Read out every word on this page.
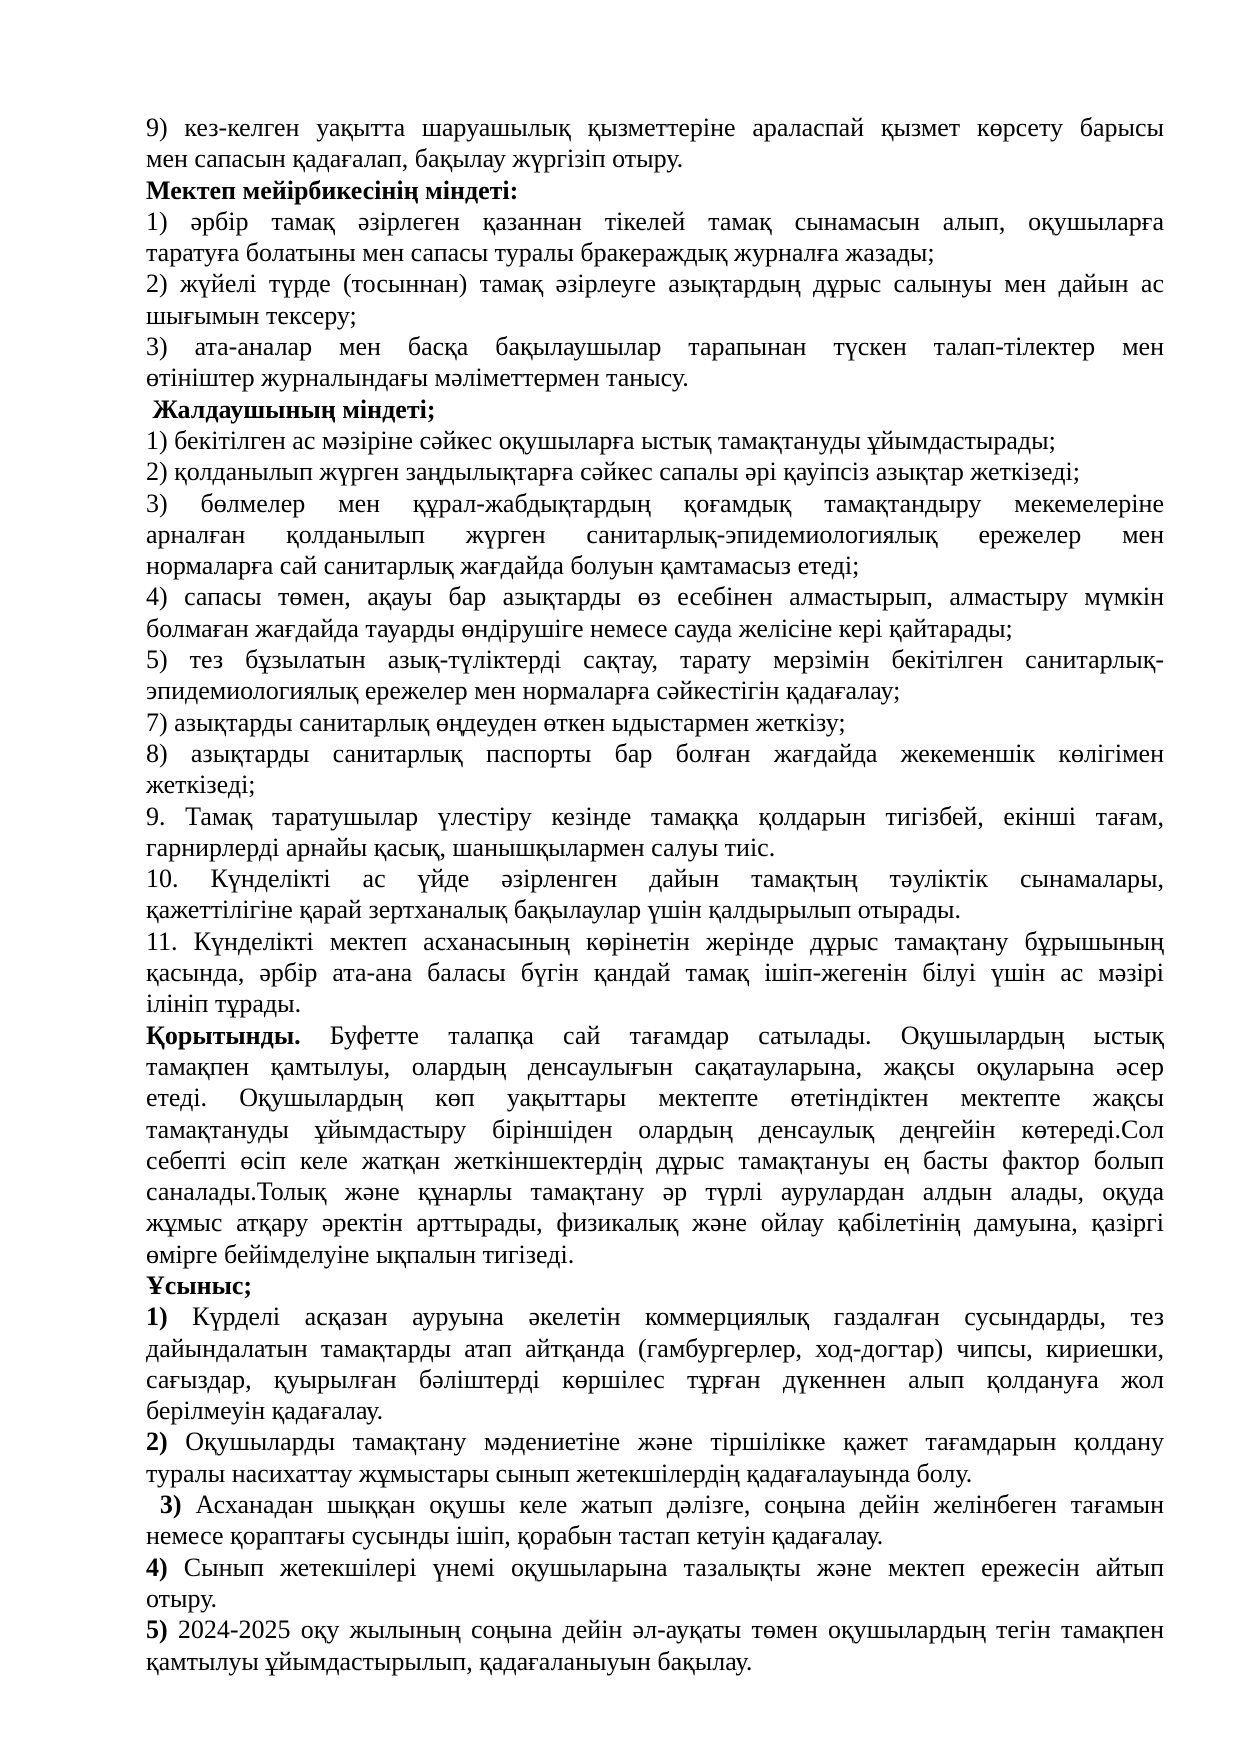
9) кез-келген уақытта шаруашылық қызметтеріне араласпай қызмет көрсету барысы
мен сапасын қадағалап, бақылау жүргізіп отыру.
Мектеп мейірбикесінің міндеті:
1) әрбір тамақ әзірлеген қазаннан тікелей тамақ сынамасын алып, оқушыларға
таратуға болатыны мен сапасы туралы бракераждық журналға жазады;
2) жүйелі түрде (тосыннан) тамақ әзірлеуге азықтардың дұрыс салынуы мен дайын ас
шығымын тексеру;
3) ата-аналар мен басқа бақылаушылар тарапынан түскен талап-тілектер мен
өтініштер журналындағы мәліметтермен танысу.
Жалдаушының міндеті;
1) бекітілген ас мәзіріне сәйкес оқушыларға ыстық тамақтануды ұйымдастырады;
2) қолданылып жүрген заңдылықтарға сәйкес сапалы әрі қауіпсіз азықтар жеткізеді;
3) бөлмелер мен құрал-жабдықтардың қоғамдық тамақтандыру мекемелеріне
арналған қолданылып жүрген санитарлық-эпидемиологиялық ережелер мен
нормаларға сай санитарлық жағдайда болуын қамтамасыз етеді;
4) сапасы төмен, ақауы бар азықтарды өз есебінен алмастырып, алмастыру мүмкін
болмаған жағдайда тауарды өндірушіге немесе сауда желісіне кері қайтарады;
5) тез бұзылатын азық-түліктерді сақтау, тарату мерзімін бекітілген санитарлық-
эпидемиологиялық ережелер мен нормаларға сәйкестігін қадағалау;
7) азықтарды санитарлық өңдеуден өткен ыдыстармен жеткізу;
8) азықтарды санитарлық паспорты бар болған жағдайда жекеменшік көлігімен
жеткізеді;
9. Тамақ таратушылар үлестіру кезінде тамаққа қолдарын тигізбей, екінші тағам,
гарнирлерді арнайы қасық, шанышқылармен салуы тиіс.
10. Күнделікті ас үйде әзірленген дайын тамақтың тәуліктік сынамалары,
қажеттілігіне қарай зертханалық бақылаулар үшін қалдырылып отырады.
11. Күнделікті мектеп асханасының көрінетін жерінде дұрыс тамақтану бұрышының
қасында, әрбір ата-ана баласы бүгін қандай тамақ ішіп-жегенін білуі үшін ас мәзірі
ілініп тұрады.
Қорытынды. Буфетте талапқа сай тағамдар сатылады. Оқушылардың ыстық
тамақпен қамтылуы, олардың денсаулығын сақатауларына, жақсы оқуларына әсер
етеді. Оқушылардың көп уақыттары мектепте өтетіндіктен мектепте жақсы
тамақтануды ұйымдастыру біріншіден олардың денсаулық деңгейін көтереді.Сол
себепті өсіп келе жатқан жеткіншектердің дұрыс тамақтануы ең басты фактор болып
саналады.Толық және құнарлы тамақтану әр түрлі аурулардан алдын алады, оқуда
жұмыс атқару әректін арттырады, физикалық және ойлау қабілетінің дамуына, қазіргі
өмірге бейімделуіне ықпалын тигізеді.
Ұсыныс;
1) Күрделі асқазан ауруына әкелетін коммерциялық газдалған сусындарды, тез
дайындалатын тамақтарды атап айтқанда (гамбургерлер, ход-догтар) чипсы, кириешки,
сағыздар, қуырылған бәліштерді көршілес тұрған дүкеннен алып қолдануға жол
берілмеуін қадағалау.
2) Оқушыларды тамақтану мәдениетіне және тіршілікке қажет тағамдарын қолдану
туралы насихаттау жұмыстары сынып жетекшілердің қадағалауында болу.
3) Асханадан шыққан оқушы келе жатып дәлізге, соңына дейін желінбеген тағамын
немесе қораптағы сусынды ішіп, қорабын тастап кетуін қадағалау.
4) Сынып жетекшілері үнемі оқушыларына тазалықты және мектеп ережесін айтып
отыру.
5) 2024-2025 оқу жылының соңына дейін әл-ауқаты төмен оқушылардың тегін тамақпен
қамтылуы ұйымдастырылып, қадағаланыуын бақылау.
